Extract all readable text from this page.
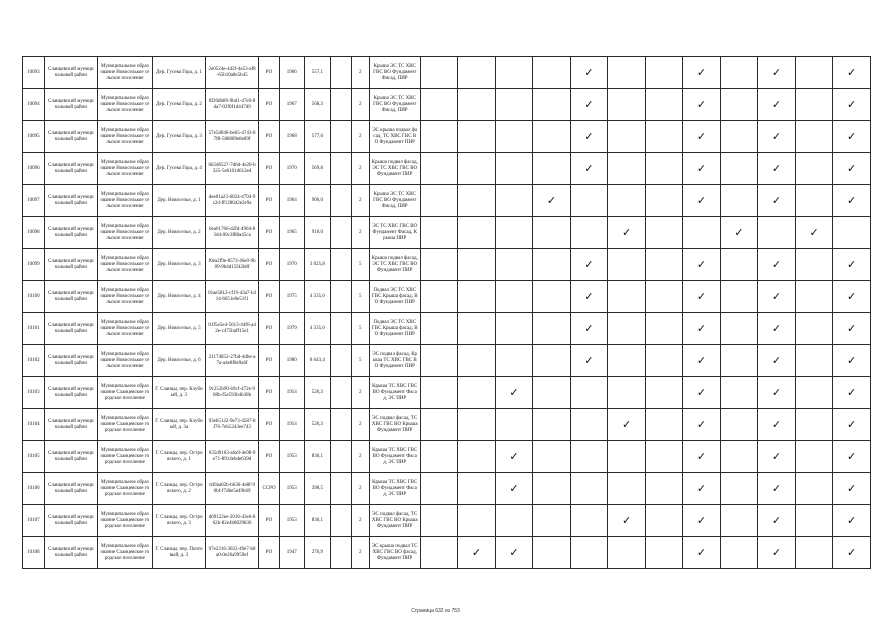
10093	Сланцевский муниципальный район	Муниципальное образование Новоселькое сельское поселение	Дер. Гусева Гора, д. 1	2e0524e-442f-4e53-af8-65b10a8e5b45	РО	1966	557,1		2	Крыша ЭС ТС ХВС ГВС ВО Фундамент Фасад, ПИР					✓			✓		✓		✓
10094	Сланцевский муниципальный район	Муниципальное образование Новоселькое сельское поселение	Дер. Гусева Гора, д. 2	8f20db89-9bd1-47e9-8da7-02f0f1d447d9	РО	1967	568,3		2	Крыша ЭС ТС ХВС ГВС ВО Фундамент Фасад, ПИР					✓			✓		✓		✓
10095	Сланцевский муниципальный район	Муниципальное образование Новоселькое сельское поселение	Дер. Гусева Гора, д. 3	57e5d046-be65-4743-87f8-588089e8e89f	РО	1968	577,6		2	ЭС крыша подвал фасад, ТС ХВС ГВС ВО Фундамент ПИР					✓			✓		✓		✓
10096	Сланцевский муниципальный район	Муниципальное образование Новоселькое сельское поселение	Дер. Гусева Гора, д. 4	6b5d6527-7d6d-4e20-b325-5e6101d612ed	РО	1970	569,8		2	Крыша подвал фасад, ЭС ТС ХВС ГВС ВО Фундамент ПИР					✓			✓		✓		✓
10097	Сланцевский муниципальный район	Муниципальное образование Новоселькое сельское поселение	Дер. Новоселье, д. 1	dee01a23-6024-4794-9c2d-ff128042e2e9a	РО	1964	900,0		2	Крыша ЭС ТС ХВС ГВС ВО Фундамент Фасад, ПИР				✓				✓		✓		✓
10098	Сланцевский муниципальный район	Муниципальное образование Новоселькое сельское поселение	Дер. Новоселье, д. 2	6ea01766-d2fd-4904-83d4-00c3f88a45ca	РО	1965	910,0		2	ЭС ТС ХВС ГВС ВО Фундамент Фасад, Крыша ПИР						✓			✓		✓	
10099	Сланцевский муниципальный район	Муниципальное образование Новоселькое сельское поселение	Дер. Новоселье, д. 3	f0ea2f9e-8573-46e0-9b09-9b4d15f42b8f	РО	1970	3 025,8		5	Крыша подвал фасад, ЭС ТС ХВС ГВС ВО Фундамент ПИР					✓			✓		✓		✓
10100	Сланцевский муниципальный район	Муниципальное образование Новоселькое сельское поселение	Дер. Новоселье, д. 4	01ae5812-cf19-43a7-b314-6651e0e51f1	РО	1975	4 335,0		5	Подвал ЭС ТС ХВС ГВС Крыша фасад, ВО Фундамент ПИР					✓			✓		✓		✓
10101	Сланцевский муниципальный район	Муниципальное образование Новоселькое сельское поселение	Дер. Новоселье, д. 5	01f5e5e4-5613-44f6-a42e-c475baff15e1	РО	1979	4 335,0		5	Подвал ЭС ТС ХВС ГВС Крыша фасад, ВО Фундамент ПИР					✓			✓		✓		✓
10102	Сланцевский муниципальный район	Муниципальное образование Новоселькое сельское поселение	Дер. Новоселье, д. 6	21174852-27bd-4dbe-a7a-a4e8f8e9a6f	РО	1980	8 643,4		5	ЭС подвал фасад, Крыша ТС ХВС ГВС ВО Фундамент ПИР					✓			✓		✓		✓
10103	Сланцевский муниципальный район	Муниципальное образование Сланцевское городское поселение	Г. Сланцы, пер. Клубный, д. 3	9c252b90-b9cf-472e-980b-f5e593b4b38b	РО	1954	526,3		2	Крыша ТС ХВС ГВС ВО Фундамент Фасад, ЭС ПИР			✓					✓		✓		✓
10104	Сланцевский муниципальный район	Муниципальное образование Сланцевское городское поселение	Г. Сланцы, пер. Клубный, д. 3а	93eb5122-9e73-4587-8f76-7eb5243ee743	РО	1954	526,3		2	ЭС подвал фасад, ТС ХВС ГВС ВО Крыша Фундамент ПИР						✓		✓		✓		✓
10105	Сланцевский муниципальный район	Муниципальное образование Сланцевское городское поселение	Г. Сланцы, пер. Островского, д. 1	035d9163-a6a9-4e98-9e71-8914ebde639d	РО	1953	836,1		2	Крыша ТС ХВС ГВС ВО Фундамент Фасад, ЭС ПИР			✓					✓		✓		✓
10106	Сланцевский муниципальный район	Муниципальное образование Сланцевское городское поселение	Г. Сланцы, пер. Островского, д. 2	d49aa02b-b636-4e8f-90bf-f7dbe5e49b69	ССРО	1953	398,5		2	Крыша ТС ХВС ГВС ВО Фундамент Фасад, ЭС ПИР			✓					✓		✓		✓
10107	Сланцевский муниципальный район	Муниципальное образование Сланцевское городское поселение	Г. Сланцы, пер. Островского, д. 3	d69122ee-2016-43e6-862b-82e4b8029836	РО	1953	836,1		2	ЭС подвал фасад, ТС ХВС ГВС ВО Крыша Фундамент ПИР						✓		✓		✓		✓
10108	Сланцевский муниципальный район	Муниципальное образование Сланцевское городское поселение	Г. Сланцы, пер. Почтовый, д. 3	97e2316-3022-49e7-b8a0-0e26a9959ef	РО	1947	276,9		2	ЭС крыша подвал ТС ХВС ГВС ВО фасад, Фундамент ПИР		✓	✓					✓		✓		✓
Страница 632 из 753
